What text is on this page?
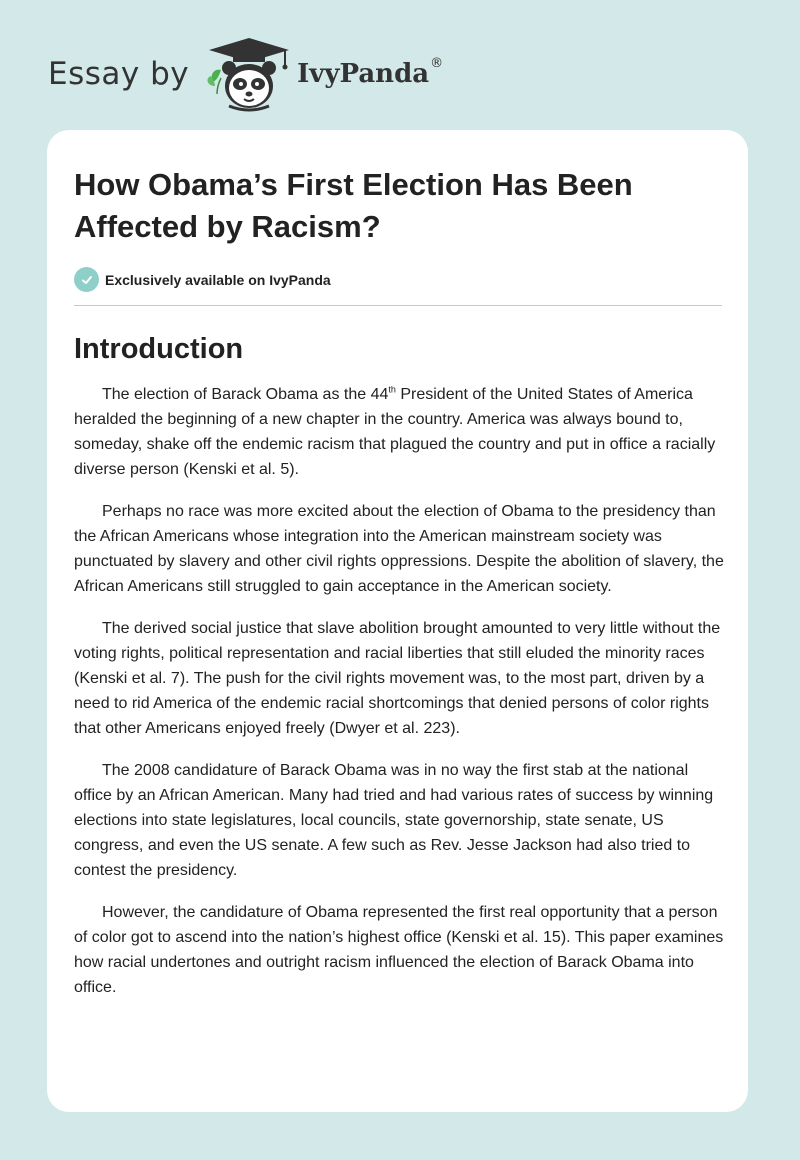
Essay by	IvyPanda ®
How Obama’s First Election Has Been Affected by Racism?
Exclusively available on IvyPanda
Introduction

The election of Barack Obama as the 44th President of the United States of America heralded the beginning of a new chapter in the country. America was always bound to, someday, shake off the endemic racism that plagued the country and put in office a racially diverse person (Kenski et al. 5).

Perhaps no race was more excited about the election of Obama to the presidency than the African Americans whose integration into the American mainstream society was punctuated by slavery and other civil rights oppressions. Despite the abolition of slavery, the African Americans still struggled to gain acceptance in the American society.

The derived social justice that slave abolition brought amounted to very little without the voting rights, political representation and racial liberties that still eluded the minority races (Kenski et al. 7). The push for the civil rights movement was, to the most part, driven by a need to rid America of the endemic racial shortcomings that denied persons of color rights that other Americans enjoyed freely (Dwyer et al. 223).

The 2008 candidature of Barack Obama was in no way the first stab at the national office by an African American. Many had tried and had various rates of success by winning elections into state legislatures, local councils, state governorship, state senate, US congress, and even the US senate. A few such as Rev. Jesse Jackson had also tried to contest the presidency.

However, the candidature of Obama represented the first real opportunity that a person of color got to ascend into the nation’s highest office (Kenski et al. 15). This paper examines how racial undertones and outright racism influenced the election of Barack Obama into office.
